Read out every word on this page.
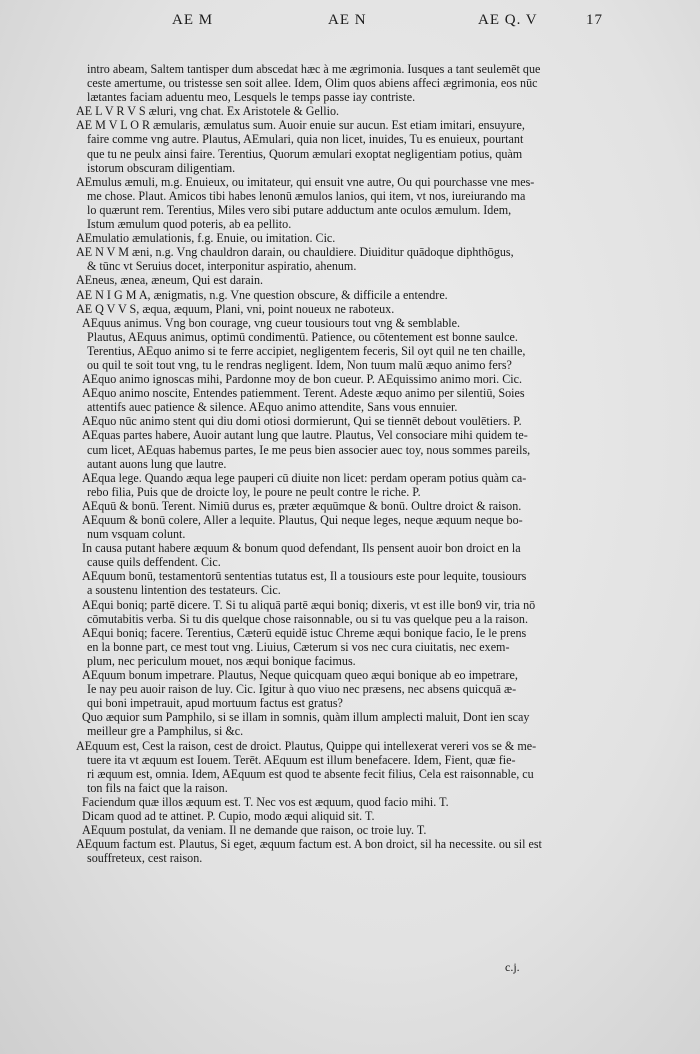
AE M	AE N	AE Q. V	17
intro abeam, Saltem tantisper dum abscedat hæc à me ægrimonia. Iusques a tant seulemēt que
ceste amertume, ou tristesse sen soit allee. Idem, Olim quos abiens affeci ægrimonia, eos nūc
lætantes faciam aduentu meo, Lesquels le temps passe iay contriste.
AE L V R V S æluri, vng chat. Ex Aristotele & Gellio.
AE M V L O R æmularis, æmulatus sum. Auoir enuie sur aucun. Est etiam imitari, ensuyure,
faire comme vng autre. Plautus, AEmulari, quia non licet, inuides, Tu es enuieux, pourtant
que tu ne peulx ainsi faire. Terentius, Quorum æmulari exoptat negligentiam potius, quàm
istorum obscuram diligentiam.
AEmulus æmuli, m.g. Enuieux, ou imitateur, qui ensuit vne autre, Ou qui pourchasse vne mes-
me chose. Plaut. Amicos tibi habes lenonū æmulos lanios, qui item, vt nos, iureiurando ma
lo quærunt rem. Terentius, Miles vero sibi putare adductum ante oculos æmulum. Idem,
Istum æmulum quod poteris, ab ea pellito.
AEmulatio æmulationis, f.g. Enuie, ou imitation. Cic.
AE N V M æni, n.g. Vng chauldron darain, ou chauldiere. Diuiditur quādoque diphthōgus,
& tūnc vt Seruius docet, interponitur aspiratio, ahenum.
AEneus, ænea, æneum, Qui est darain.
AE N I G M A, ænigmatis, n.g. Vne question obscure, & difficile a entendre.
AE Q V V S, æqua, æquum, Plani, vni, point noueux ne raboteux.
AEquus animus. Vng bon courage, vng cueur tousiours tout vng & semblable.
Plautus, AEquus animus, optimū condimentū. Patience, ou cōtentement est bonne saulce.
Terentius, AEquo animo si te ferre accipiet, negligentem feceris, Sil oyt quil ne ten chaille,
ou quil te soit tout vng, tu le rendras negligent. Idem, Non tuum malū æquo animo fers?
AEquo animo ignoscas mihi, Pardonne moy de bon cueur. P. AEquissimo animo mori. Cic.
AEquo animo noscite, Entendes patiemment. Terent. Adeste æquo animo per silentiū, Soies
attentifs auec patience & silence. AEquo animo attendite, Sans vous ennuier.
AEquo nūc animo stent qui diu domi otiosi dormierunt, Qui se tiennēt debout voulētiers. P.
AEquas partes habere, Auoir autant lung que lautre. Plautus, Vel consociare mihi quidem te-
cum licet, AEquas habemus partes, Ie me peus bien associer auec toy, nous sommes pareils,
autant auons lung que lautre.
AEqua lege. Quando æqua lege pauperi cū diuite non licet: perdam operam potius quàm ca-
rebo filia, Puis que de droicte loy, le poure ne peult contre le riche. P.
AEquū & bonū. Terent. Nimiū durus es, præter æquūmque & bonū. Oultre droict & raison.
AEquum & bonū colere, Aller a lequite. Plautus, Qui neque leges, neque æquum neque bo-
num vsquam colunt.
In causa putant habere æquum & bonum quod defendant, Ils pensent auoir bon droict en la
cause quils deffendent. Cic.
AEquum bonū, testamentorū sententias tutatus est, Il a tousiours este pour lequite, tousiours
a soustenu lintention des testateurs. Cic.
AEqui boniq; partē dicere. T. Si tu aliquā partē æqui boniq; dixeris, vt est ille bon9 vir, tria nō
cōmutabitis verba. Si tu dis quelque chose raisonnable, ou si tu vas quelque peu a la raison.
AEqui boniq; facere. Terentius, Cæterū equidē istuc Chreme æqui bonique facio, Ie le prens
en la bonne part, ce mest tout vng. Liuius, Cæterum si vos nec cura ciuitatis, nec exem-
plum, nec periculum mouet, nos æqui bonique facimus.
AEquum bonum impetrare. Plautus, Neque quicquam queo æqui bonique ab eo impetrare,
Ie nay peu auoir raison de luy. Cic. Igitur à quo viuo nec præsens, nec absens quicquā æ-
qui boni impetrauit, apud mortuum factus est gratus?
Quo æquior sum Pamphilo, si se illam in somnis, quàm illum amplecti maluit, Dont ien scay
meilleur gre a Pamphilus, si &c.
AEquum est, Cest la raison, cest de droict. Plautus, Quippe qui intellexerat vereri vos se & me-
tuere ita vt æquum est Iouem. Terēt. AEquum est illum benefacere. Idem, Fient, quæ fie-
ri æquum est, omnia. Idem, AEquum est quod te absente fecit filius, Cela est raisonnable, cu
ton fils na faict que la raison.
Faciendum quæ illos æquum est. T. Nec vos est æquum, quod facio mihi. T.
Dicam quod ad te attinet. P. Cupio, modo æqui aliquid sit. T.
AEquum postulat, da veniam. Il ne demande que raison, oc troie luy. T.
AEquum factum est. Plautus, Si eget, æquum factum est. A bon droict, sil ha necessite. ou sil est
souffreteux, cest raison.
c.j.
